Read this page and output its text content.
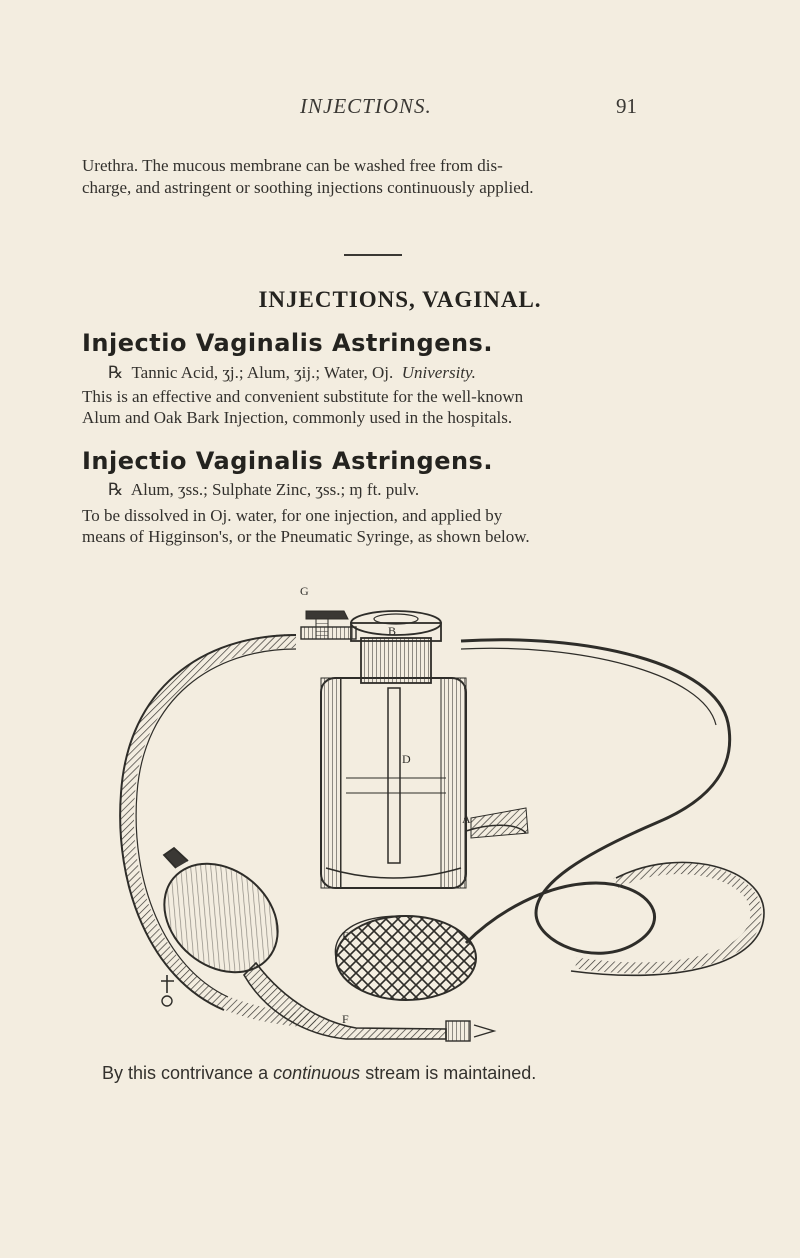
INJECTIONS.	91
Urethra. The mucous membrane can be washed free from dis-
charge, and astringent or soothing injections continuously applied.
INJECTIONS, VAGINAL.
Injectio Vaginalis Astringens.
℞ Tannic Acid, ʒj.; Alum, ʒij.; Water, Oj. University.
This is an effective and convenient substitute for the well-known
Alum and Oak Bark Injection, commonly used in the hospitals.
Injectio Vaginalis Astringens.
℞ Alum, ʒss.; Sulphate Zinc, ʒss.; ɱ ft. pulv.
To be dissolved in Oj. water, for one injection, and applied by
means of Higginson's, or the Pneumatic Syringe, as shown below.
G
B
D
A
E
F
By this contrivance a continuous stream is maintained.
